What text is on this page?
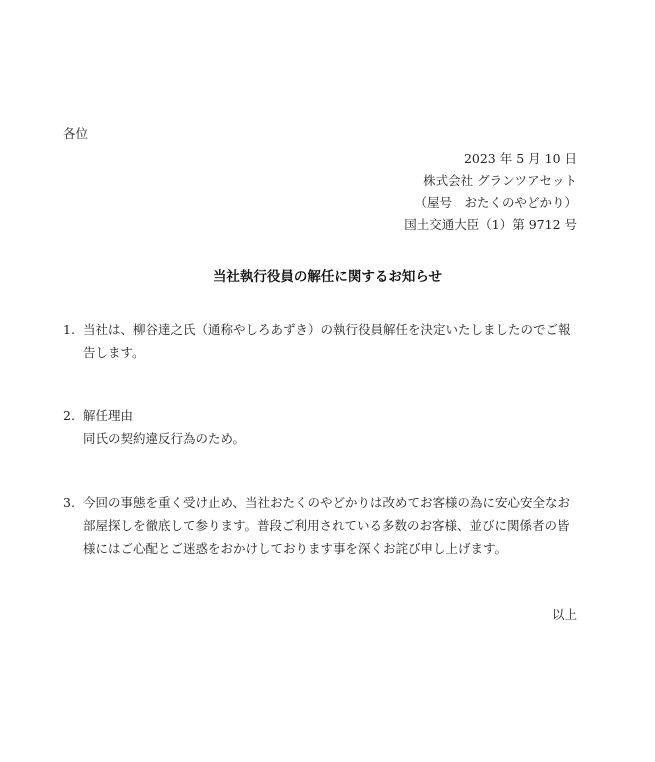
各位
2023 年 5 月 10 日
株式会社 グランツアセット
（屋号　おたくのやどかり）
国土交通大臣（1）第 9712 号
当社執行役員の解任に関するお知らせ
1. 当社は、柳谷達之氏（通称やしろあずき）の執行役員解任を決定いたしましたのでご報
告します。
2. 解任理由
同氏の契約違反行為のため。
3. 今回の事態を重く受け止め、当社おたくのやどかりは改めてお客様の為に安心安全なお
部屋探しを徹底して参ります。普段ご利用されている多数のお客様、並びに関係者の皆
様にはご心配とご迷惑をおかけしております事を深くお詫び申し上げます。
以上
